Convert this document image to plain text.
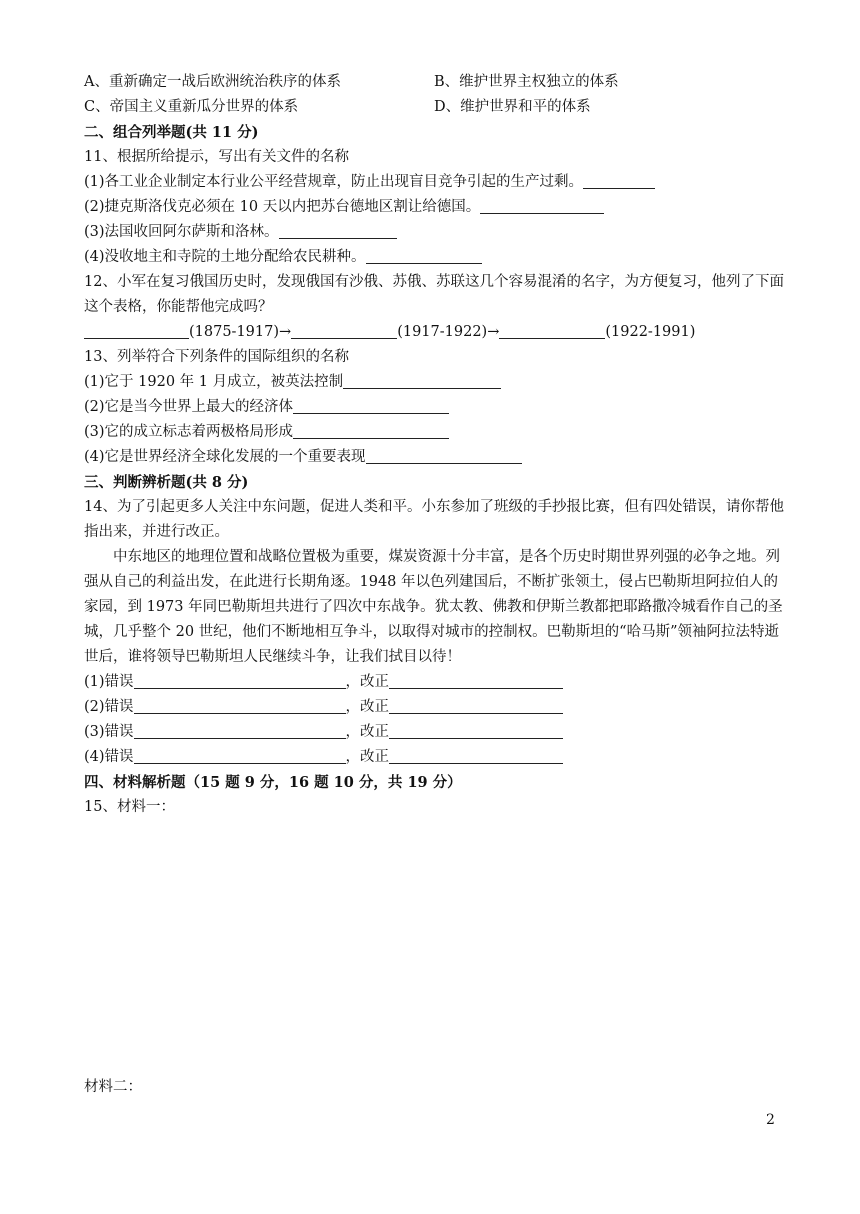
A、重新确定一战后欧洲统治秩序的体系	B、维护世界主权独立的体系
C、帝国主义重新瓜分世界的体系	D、维护世界和平的体系
二、组合列举题(共 11 分)
11、根据所给提示，写出有关文件的名称
(1)各工业企业制定本行业公平经营规章，防止出现盲目竞争引起的生产过剩。
(2)捷克斯洛伐克必须在 10 天以内把苏台德地区割让给德国。
(3)法国收回阿尔萨斯和洛林。
(4)没收地主和寺院的土地分配给农民耕种。
12、小军在复习俄国历史时，发现俄国有沙俄、苏俄、苏联这几个容易混淆的名字，为方便复习，他列了下面这个表格，你能帮他完成吗？
(1875-1917)→	(1917-1922)→	(1922-1991)
13、列举符合下列条件的国际组织的名称
(1)它于 1920 年 1 月成立，被英法控制
(2)它是当今世界上最大的经济体
(3)它的成立标志着两极格局形成
(4)它是世界经济全球化发展的一个重要表现
三、判断辨析题(共 8 分)
14、为了引起更多人关注中东问题，促进人类和平。小东参加了班级的手抄报比赛，但有四处错误，请你帮他指出来，并进行改正。
中东地区的地理位置和战略位置极为重要，煤炭资源十分丰富，是各个历史时期世界列强的必争之地。列强从自己的利益出发，在此进行长期角逐。1948 年以色列建国后，不断扩张领土，侵占巴勒斯坦阿拉伯人的家园，到 1973 年同巴勒斯坦共进行了四次中东战争。犹太教、佛教和伊斯兰教都把耶路撒冷城看作自己的圣城，几乎整个 20 世纪，他们不断地相互争斗，以取得对城市的控制权。巴勒斯坦的“哈马斯”领袖阿拉法特逝世后，谁将领导巴勒斯坦人民继续斗争，让我们拭目以待！
(1)错误	，改正
(2)错误	，改正
(3)错误	，改正
(4)错误	，改正
四、材料解析题（15 题 9 分，16 题 10 分，共 19 分）
15、材料一：
材料二：
2
